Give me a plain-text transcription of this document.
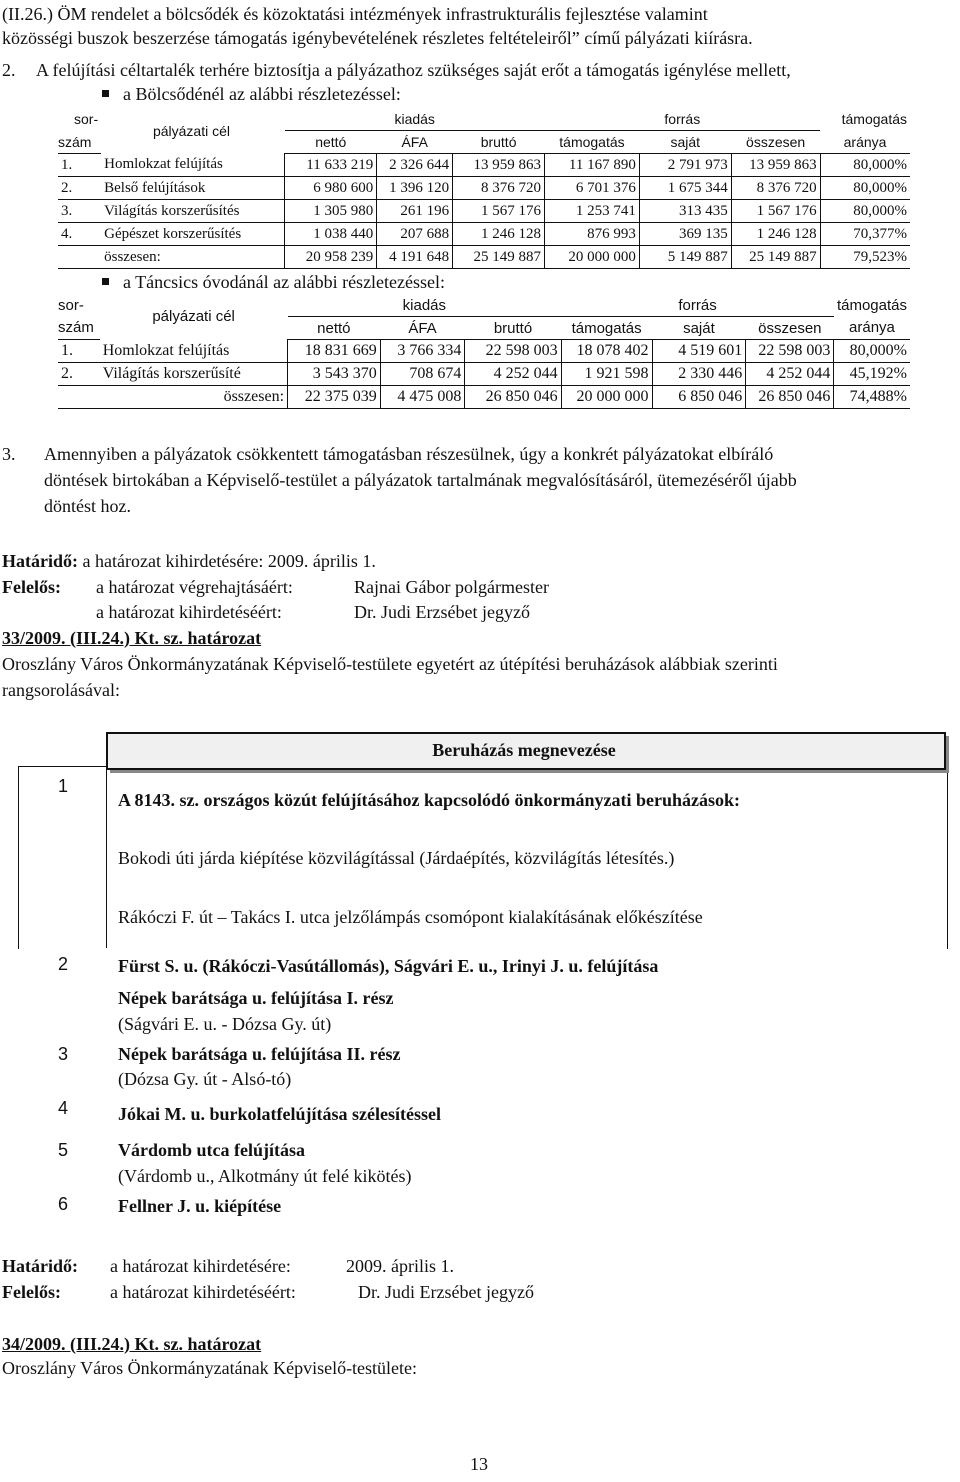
(II.26.) ÖM rendelet a bölcsődék és közoktatási intézmények infrastrukturális fejlesztése valamint
közösségi buszok beszerzése támogatás igénybevételének részletes feltételeiről” című pályázati kiírásra.
2. A felújítási céltartalék terhére biztosítja a pályázathoz szükséges saját erőt a támogatás igénylése mellett,
a Bölcsődénél az alábbi részletezéssel:
sor-	pályázati cél	kiadás			forrás			támogatás
szám		nettó	ÁFA	bruttó	támogatás	saját	összesen	aránya
1.	Homlokzat felújítás	11 633 219	2 326 644	13 959 863	11 167 890	2 791 973	13 959 863	80,000%
2.	Belső felújítások	6 980 600	1 396 120	8 376 720	6 701 376	1 675 344	8 376 720	80,000%
3.	Világítás korszerűsítés	1 305 980	261 196	1 567 176	1 253 741	313 435	1 567 176	80,000%
4.	Gépészet korszerűsítés	1 038 440	207 688	1 246 128	876 993	369 135	1 246 128	70,377%
	összesen:	20 958 239	4 191 648	25 149 887	20 000 000	5 149 887	25 149 887	79,523%
a Táncsics óvodánál az alábbi részletezéssel:
sor-	pályázati cél	kiadás			forrás			támogatás
szám		nettó	ÁFA	bruttó	támogatás	saját	összesen	aránya
1.	Homlokzat felújítás	18 831 669	3 766 334	22 598 003	18 078 402	4 519 601	22 598 003	80,000%
2.	Világítás korszerűsíté	3 543 370	708 674	4 252 044	1 921 598	2 330 446	4 252 044	45,192%
	összesen:	22 375 039	4 475 008	26 850 046	20 000 000	6 850 046	26 850 046	74,488%
3. Amennyiben a pályázatok csökkentett támogatásban részesülnek, úgy a konkrét pályázatokat elbíráló
döntések birtokában a Képviselő-testület a pályázatok tartalmának megvalósításáról, ütemezéséről újabb
döntést hoz.
Határidő: a határozat kihirdetésére: 2009. április 1.
Felelős: a határozat végrehajtásáért:	Rajnai Gábor polgármester
a határozat kihirdetéséért:	Dr. Judi Erzsébet jegyző
33/2009. (III.24.) Kt. sz. határozat
Oroszlány Város Önkormányzatának Képviselő-testülete egyetért az útépítési beruházások alábbiak szerinti
rangsorolásával:
Beruházás megnevezése
1
A 8143. sz. országos közút felújításához kapcsolódó önkormányzati beruházások:
Bokodi úti járda kiépítése közvilágítással (Járdaépítés, közvilágítás létesítés.)
Rákóczi F. út – Takács I. utca jelzőlámpás csomópont kialakításának előkészítése
2	Fürst S. u. (Rákóczi-Vasútállomás), Ságvári E. u., Irinyi J. u. felújítása
Népek barátsága u. felújítása I. rész
(Ságvári E. u. - Dózsa Gy. út)
3	Népek barátsága u. felújítása II. rész
(Dózsa Gy. út - Alsó-tó)
4	Jókai M. u. burkolatfelújítása szélesítéssel
5	Várdomb utca felújítása
(Várdomb u., Alkotmány út felé kikötés)
6	Fellner J. u. kiépítése
Határidő: a határozat kihirdetésére:	2009. április 1.
Felelős:	a határozat kihirdetéséért:	Dr. Judi Erzsébet jegyző
34/2009. (III.24.) Kt. sz. határozat
Oroszlány Város Önkormányzatának Képviselő-testülete:
13
